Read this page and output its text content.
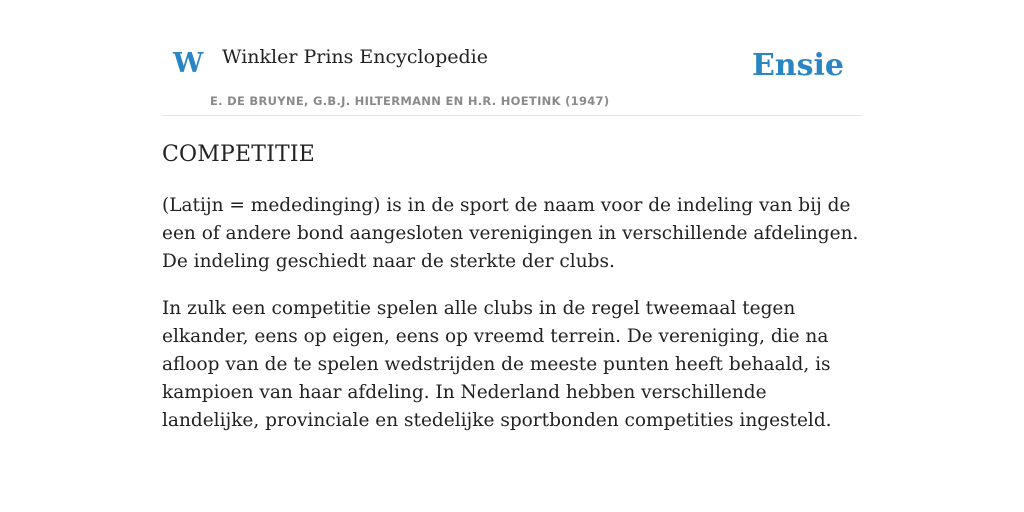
W Winkler Prins Encyclopedie
E. DE BRUYNE, G.B.J. HILTERMANN EN H.R. HOETINK (1947)
Ensie
COMPETITIE

(Latijn = mededinging) is in de sport de naam voor de indeling van bij de een of andere bond aangesloten verenigingen in verschillende afdelingen. De indeling geschiedt naar de sterkte der clubs.

In zulk een competitie spelen alle clubs in de regel tweemaal tegen elkander, eens op eigen, eens op vreemd terrein. De vereniging, die na afloop van de te spelen wedstrijden de meeste punten heeft behaald, is kampioen van haar afdeling. In Nederland hebben verschillende landelijke, provinciale en stedelijke sportbonden competities ingesteld.
